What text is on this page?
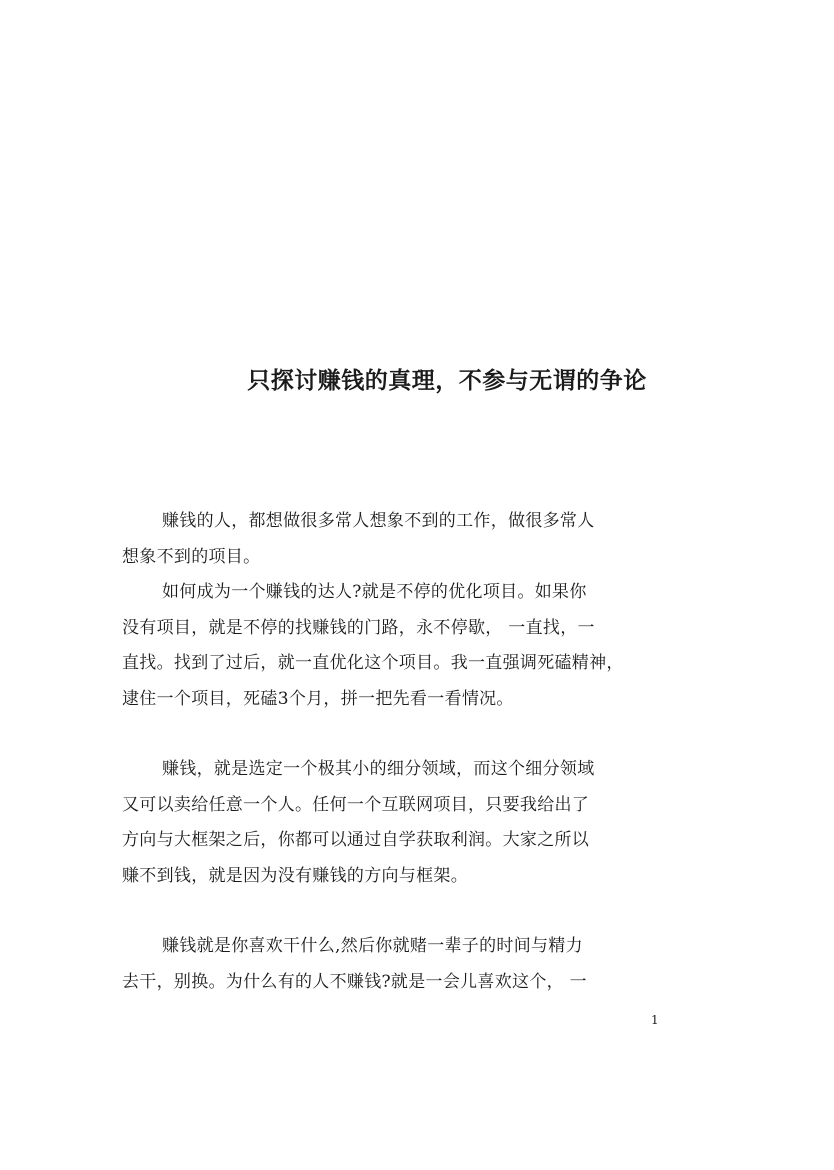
只探讨赚钱的真理，不参与无谓的争论

赚钱的人，都想做很多常人想象不到的工作，做很多常人
想象不到的项目。

如何成为一个赚钱的达人?就是不停的优化项目。如果你
没有项目，就是不停的找赚钱的门路，永不停歇， 一直找，一
直找。找到了过后，就一直优化这个项目。我一直强调死磕精神，
逮住一个项目，死磕3个月，拼一把先看一看情况。

赚钱，就是选定一个极其小的细分领域，而这个细分领域
又可以卖给任意一个人。任何一个互联网项目，只要我给出了
方向与大框架之后，你都可以通过自学获取利润。大家之所以
赚不到钱，就是因为没有赚钱的方向与框架。

赚钱就是你喜欢干什么,然后你就赌一辈子的时间与精力
去干，别换。为什么有的人不赚钱?就是一会儿喜欢这个， 一

1
